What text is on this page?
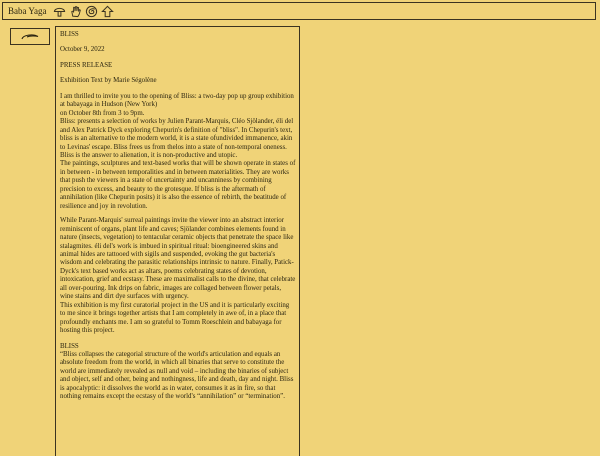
Baba Yaga

BLISS

October 9, 2022

PRESS RELEASE

Exhibition Text by Marie Ségolène

I am thrilled to invite you to the opening of Bliss: a two-day pop up group exhibition at babayaga in Hudson (New York)

on October 8th from 3 to 9pm.

Bliss: presents a selection of works by Julien Parant-Marquis, Cléo Sjölander, éli del and Alex Patrick Dyck exploring Chepurin's definition of "bliss". In Chepurin's text, bliss is an alternative to the modern world, it is a state ofundivided immanence, akin to Levinas' escape. Bliss frees us from thelos into a state of non-temporal oneness. Bliss is the answer to alienation, it is non-productive and utopic.

The paintings, sculptures and text-based works that will be shown operate in states of in between - in between temporalities and in between materialities. They are works that push the viewers in a state of uncertainty and uncanniness by combining precision to excess, and beauty to the grotesque. If bliss is the aftermath of annihilation (like Chepurin posits) it is also the essence of rebirth, the beatitude of resilience and joy in revolution.

While Parant-Marquis' surreal paintings invite the viewer into an abstract interior reminiscent of organs, plant life and caves; Sjölander combines elements found in nature (insects, vegetation) to tentacular ceramic objects that penetrate the space like stalagmites. éli del's work is imbued in spiritual ritual: bioengineered skins and animal hides are tattooed with sigils and suspended, evoking the gut bacteria's wisdom and celebrating the parasitic relationships intrinsic to nature. Finally, Patick-Dyck's text based works act as altars, poems celebrating states of devotion, intoxication, grief and ecstasy. These are maximalist calls to the divine, that celebrate all over-pouring. Ink drips on fabric, images are collaged between flower petals, wine stains and dirt dye surfaces with urgency.

This exhibition is my first curatorial project in the US and it is particularly exciting to me since it brings together artists that I am completely in awe of, in a place that profoundly enchants me. I am so grateful to Tomm Roeschlein and babayaga for hosting this project.

BLISS

“Bliss collapses the categorial structure of the world's articulation and equals an absolute freedom from the world, in which all binaries that serve to constitute the world are immediately revealed as null and void – including the binaries of subject and object, self and other, being and nothingness, life and death, day and night. Bliss is apocalyptic: it dissolves the world as in water, consumes it as in fire, so that nothing remains except the ecstasy of the world's “annihilation” or “termination”.
